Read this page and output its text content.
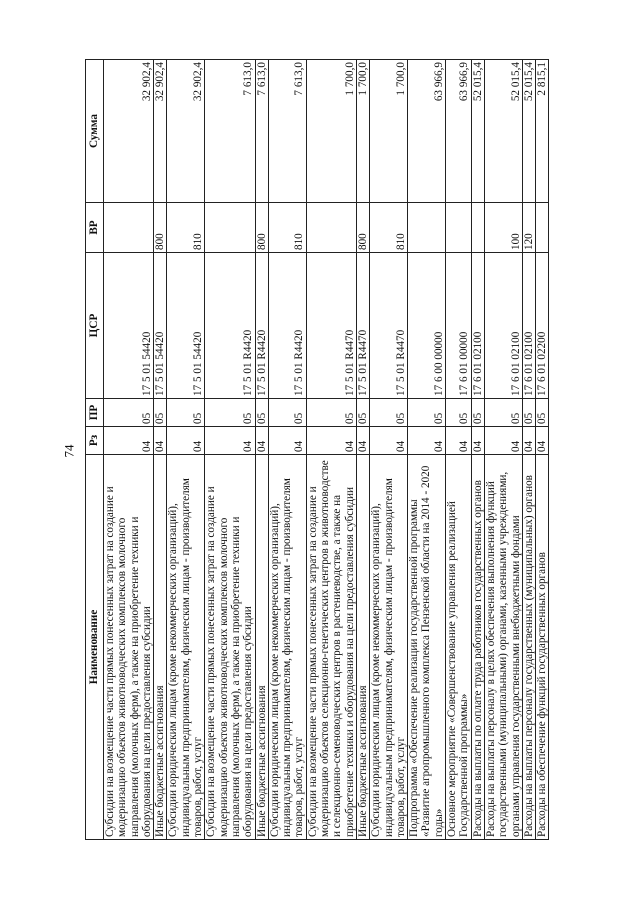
74
Наименование	Рз	ПР	ЦСР	ВР	Сумма
Субсидии на возмещение части прямых понесенных затрат на создание и модернизацию объектов животноводческих комплексов молочного направления (молочных ферм), а также на приобретение техники и оборудования на цели предоставления субсидии	04	05	17 5 01 54420		32 902,4
Иные бюджетные ассигнования	04	05	17 5 01 54420	800	32 902,4
Субсидии юридическим лицам (кроме некоммерческих организаций), индивидуальным предпринимателям, физическим лицам - производителям товаров, работ, услуг	04	05	17 5 01 54420	810	32 902,4
Субсидии на возмещение части прямых понесенных затрат на создание и модернизацию объектов животноводческих комплексов молочного направления (молочных ферм), а также на приобретение техники и оборудования на цели предоставления субсидии	04	05	17 5 01 R4420		7 613,0
Иные бюджетные ассигнования	04	05	17 5 01 R4420	800	7 613,0
Субсидии юридическим лицам (кроме некоммерческих организаций), индивидуальным предпринимателям, физическим лицам - производителям товаров, работ, услуг	04	05	17 5 01 R4420	810	7 613,0
Субсидии на возмещение части прямых понесенных затрат на создание и модернизацию объектов селекционно-генетических центров в животноводстве и селекционно-семеноводческих центров в растениеводстве, а также на приобретение техники и оборудования на цели предоставления субсидии	04	05	17 5 01 R4470		1 700,0
Иные бюджетные ассигнования	04	05	17 5 01 R4470	800	1 700,0
Субсидии юридическим лицам (кроме некоммерческих организаций), индивидуальным предпринимателям, физическим лицам - производителям товаров, работ, услуг	04	05	17 5 01 R4470	810	1 700,0
Подпрограмма «Обеспечение реализации государственной программы «Развитие агропромышленного комплекса Пензенской области на 2014 - 2020 годы»	04	05	17 6 00 00000		63 966,9
Основное мероприятие «Совершенствование управления реализацией Государственной программы»	04	05	17 6 01 00000		63 966,9
Расходы на выплаты по оплате труда работников государственных органов	04	05	17 6 01 02100		52 015,4
Расходы на выплаты персоналу в целях обеспечения выполнения функций государственными (муниципальными) органами, казенными учреждениями, органами управления государственными внебюджетными фондами	04	05	17 6 01 02100	100	52 015,4
Расходы на выплаты персоналу государственных (муниципальных) органов	04	05	17 6 01 02100	120	52 015,4
Расходы на обеспечение функций государственных органов	04	05	17 6 01 02200		2 815,1
